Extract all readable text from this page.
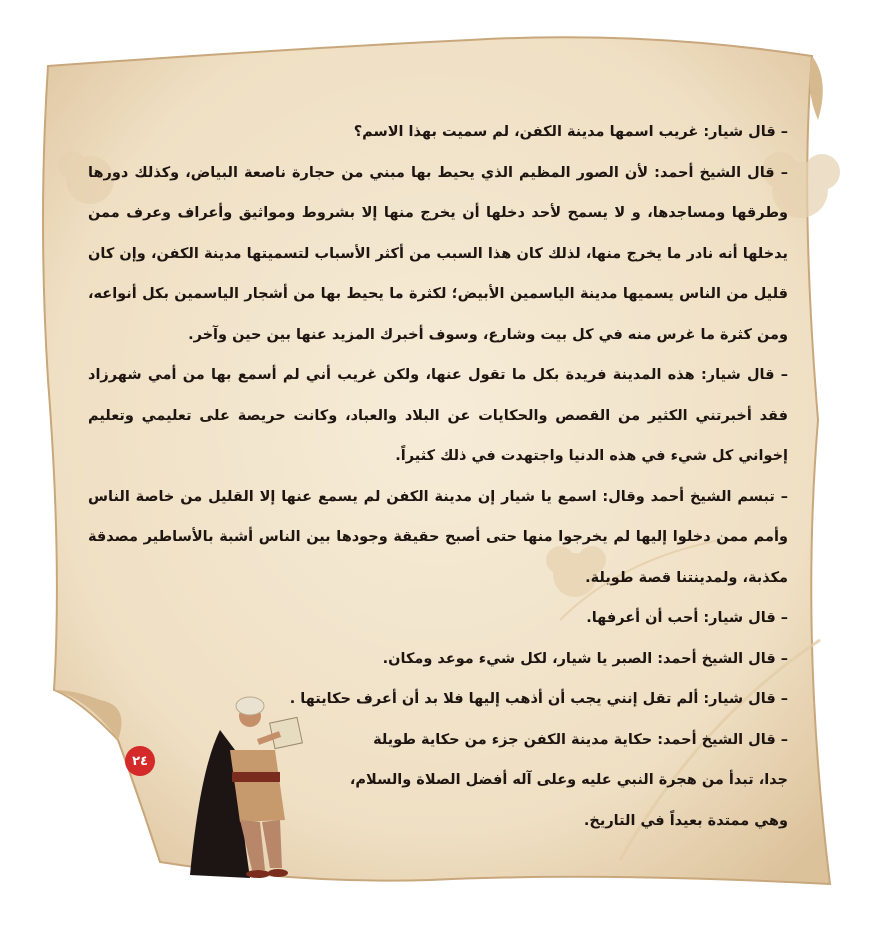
– قال شيار: غريب اسمها مدينة الكفن، لم سميت بهذا الاسم؟

– قال الشيخ أحمد: لأن الصور المظيم الذي يحيط بها مبني من حجارة ناصعة البياض، وكذلك دورها وطرقها ومساجدها، و لا يسمح لأحد دخلها أن يخرج منها إلا بشروط ومواثيق وأعراف وعرف ممن يدخلها أنه نادر ما يخرج منها، لذلك كان هذا السبب من أكثر الأسباب لتسميتها مدينة الكفن، وإن كان قليل من الناس يسميها مدينة الياسمين الأبيض؛ لكثرة ما يحيط بها من أشجار الياسمين بكل أنواعه، ومن كثرة ما غرس منه في كل بيت وشارع، وسوف أخبرك المزيد عنها بين حين وآخر.

– قال شيار: هذه المدينة فريدة بكل ما تقول عنها، ولكن غريب أني لم أسمع بها من أمي شهرزاد فقد أخبرتني الكثير من القصص والحكايات عن البلاد والعباد، وكانت حريصة على تعليمي وتعليم إخواني كل شيء في هذه الدنيا واجتهدت في ذلك كثيراً.

– تبسم الشيخ أحمد وقال: اسمع يا شيار إن مدينة الكفن لم يسمع عنها إلا القليل من خاصة الناس وأمم ممن دخلوا إليها لم يخرجوا منها حتى أصبح حقيقة وجودها بين الناس أشبة بالأساطير مصدقة مكذبة، ولمدينتنا قصة طويلة.

– قال شيار: أحب أن أعرفها.

– قال الشيخ أحمد: الصبر يا شيار، لكل شيء موعد ومكان.

– قال شيار: ألم تقل إنني يجب أن أذهب إليها فلا بد أن أعرف حكايتها .

– قال الشيخ أحمد: حكاية مدينة الكفن جزء من حكاية طويلة

جدا، تبدأ من هجرة النبي عليه وعلى آله أفضل الصلاة والسلام،

وهي ممتدة بعيداً في التاريخ.

٢٤
